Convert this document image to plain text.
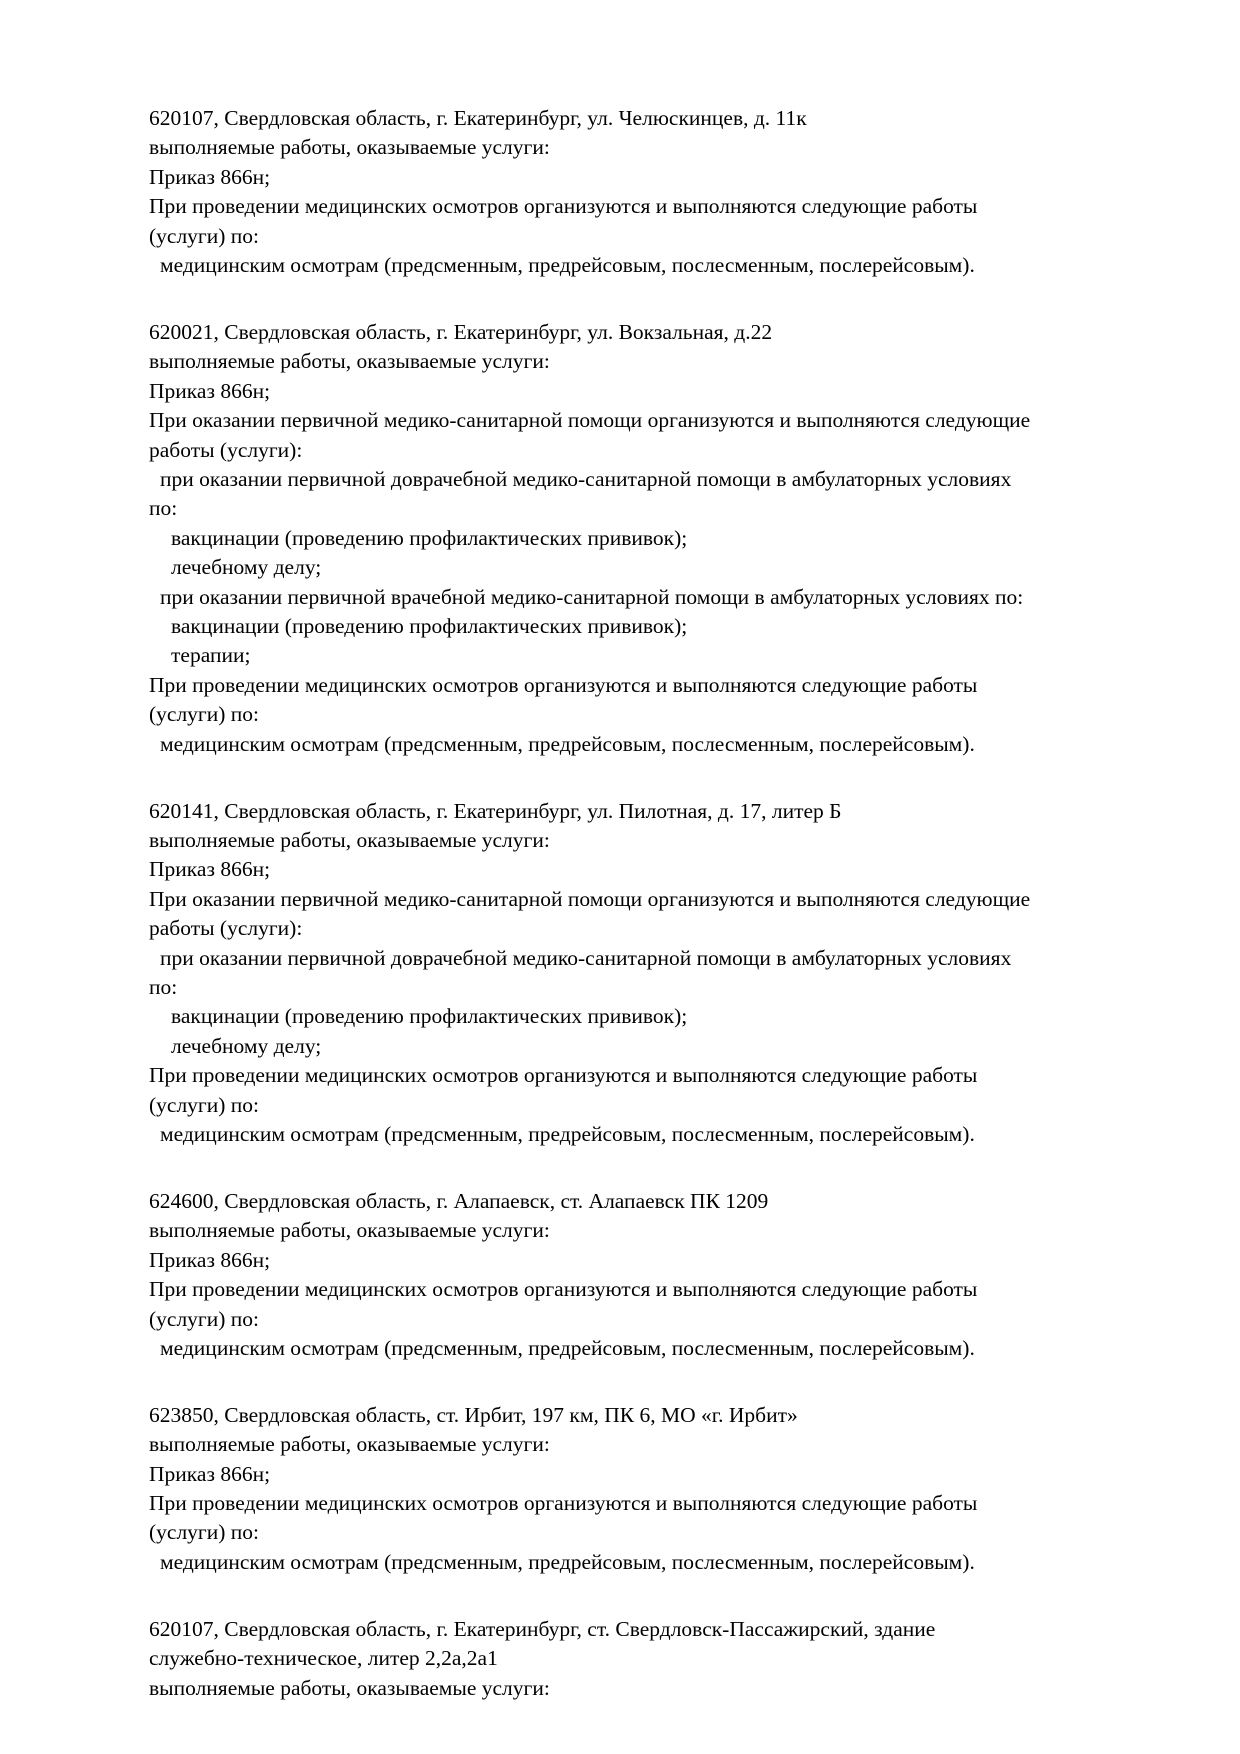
620107, Свердловская область, г. Екатеринбург, ул. Челюскинцев, д. 11к
выполняемые работы, оказываемые услуги:
Приказ 866н;
При проведении медицинских осмотров организуются и выполняются следующие работы
(услуги) по:
медицинским осмотрам (предсменным, предрейсовым, послесменным, послерейсовым).
620021, Свердловская область, г. Екатеринбург, ул. Вокзальная, д.22
выполняемые работы, оказываемые услуги:
Приказ 866н;
При оказании первичной медико-санитарной помощи организуются и выполняются следующие
работы (услуги):
при оказании первичной доврачебной медико-санитарной помощи в амбулаторных условиях
по:
вакцинации (проведению профилактических прививок);
лечебному делу;
при оказании первичной врачебной медико-санитарной помощи в амбулаторных условиях по:
вакцинации (проведению профилактических прививок);
терапии;
При проведении медицинских осмотров организуются и выполняются следующие работы
(услуги) по:
медицинским осмотрам (предсменным, предрейсовым, послесменным, послерейсовым).
620141, Свердловская область, г. Екатеринбург, ул. Пилотная, д. 17, литер Б
выполняемые работы, оказываемые услуги:
Приказ 866н;
При оказании первичной медико-санитарной помощи организуются и выполняются следующие
работы (услуги):
при оказании первичной доврачебной медико-санитарной помощи в амбулаторных условиях
по:
вакцинации (проведению профилактических прививок);
лечебному делу;
При проведении медицинских осмотров организуются и выполняются следующие работы
(услуги) по:
медицинским осмотрам (предсменным, предрейсовым, послесменным, послерейсовым).
624600, Свердловская область, г. Алапаевск, ст. Алапаевск ПК 1209
выполняемые работы, оказываемые услуги:
Приказ 866н;
При проведении медицинских осмотров организуются и выполняются следующие работы
(услуги) по:
медицинским осмотрам (предсменным, предрейсовым, послесменным, послерейсовым).
623850, Свердловская область, ст. Ирбит, 197 км, ПК 6, МО «г. Ирбит»
выполняемые работы, оказываемые услуги:
Приказ 866н;
При проведении медицинских осмотров организуются и выполняются следующие работы
(услуги) по:
медицинским осмотрам (предсменным, предрейсовым, послесменным, послерейсовым).
620107, Свердловская область, г. Екатеринбург, ст. Свердловск-Пассажирский, здание
служебно-техническое, литер 2,2а,2а1
выполняемые работы, оказываемые услуги:
